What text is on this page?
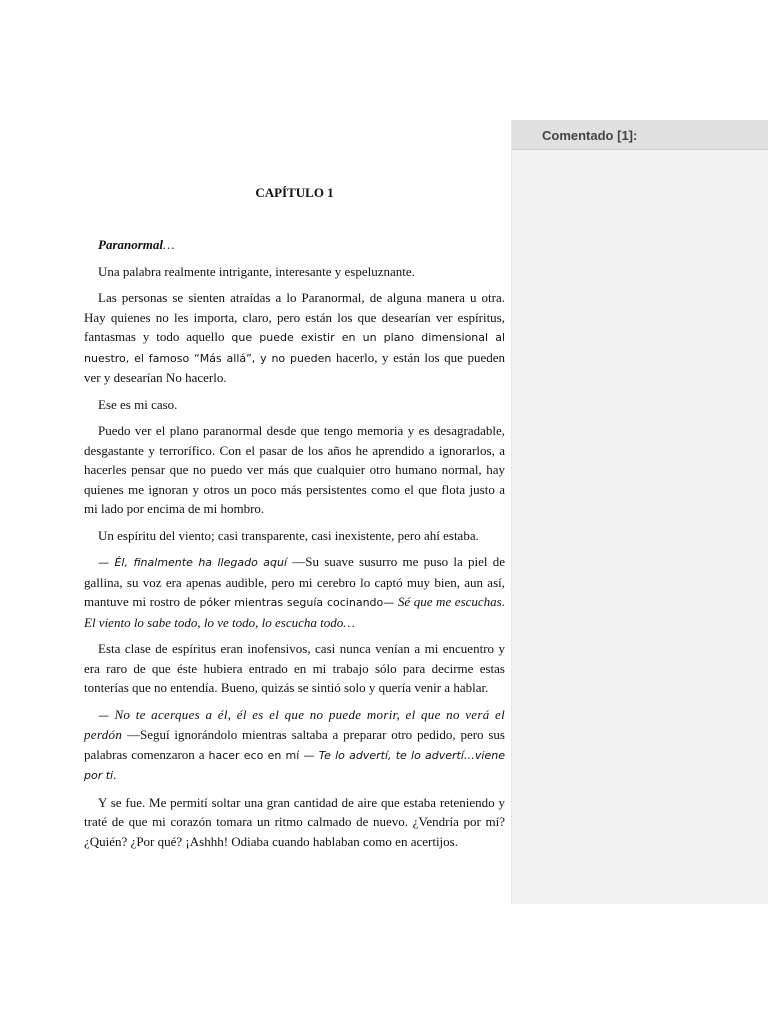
Comentado [1]:
CAPÍTULO 1

Paranormal…

Una palabra realmente intrigante, interesante y espeluznante.

Las personas se sienten atraídas a lo Paranormal, de alguna manera u otra. Hay quienes no les importa, claro, pero están los que desearían ver espíritus, fantasmas y todo aquello que puede existir en un plano dimensional al nuestro, el famoso “Más allá”, y no pueden hacerlo, y están los que pueden ver y desearían No hacerlo.

Ese es mi caso.

Puedo ver el plano paranormal desde que tengo memoria y es desagradable, desgastante y terrorífico. Con el pasar de los años he aprendido a ignorarlos, a hacerles pensar que no puedo ver más que cualquier otro humano normal, hay quienes me ignoran y otros un poco más persistentes como el que flota justo a mi lado por encima de mi hombro.

Un espíritu del viento; casi transparente, casi inexistente, pero ahí estaba.

— Él, finalmente ha llegado aquí —Su suave susurro me puso la piel de gallina, su voz era apenas audible, pero mi cerebro lo captó muy bien, aun así, mantuve mi rostro de póker mientras seguía cocinando— Sé que me escuchas. El viento lo sabe todo, lo ve todo, lo escucha todo…

Esta clase de espíritus eran inofensivos, casi nunca venían a mi encuentro y era raro de que éste hubiera entrado en mi trabajo sólo para decirme estas tonterías que no entendía. Bueno, quizás se sintió solo y quería venir a hablar.

— No te acerques a él, él es el que no puede morir, el que no verá el perdón —Seguí ignorándolo mientras saltaba a preparar otro pedido, pero sus palabras comenzaron a hacer eco en mí — Te lo advertí, te lo advertí…viene por ti.

Y se fue. Me permití soltar una gran cantidad de aire que estaba reteniendo y traté de que mi corazón tomara un ritmo calmado de nuevo. ¿Vendría por mí? ¿Quién? ¿Por qué? ¡Ashhh! Odiaba cuando hablaban como en acertijos.
